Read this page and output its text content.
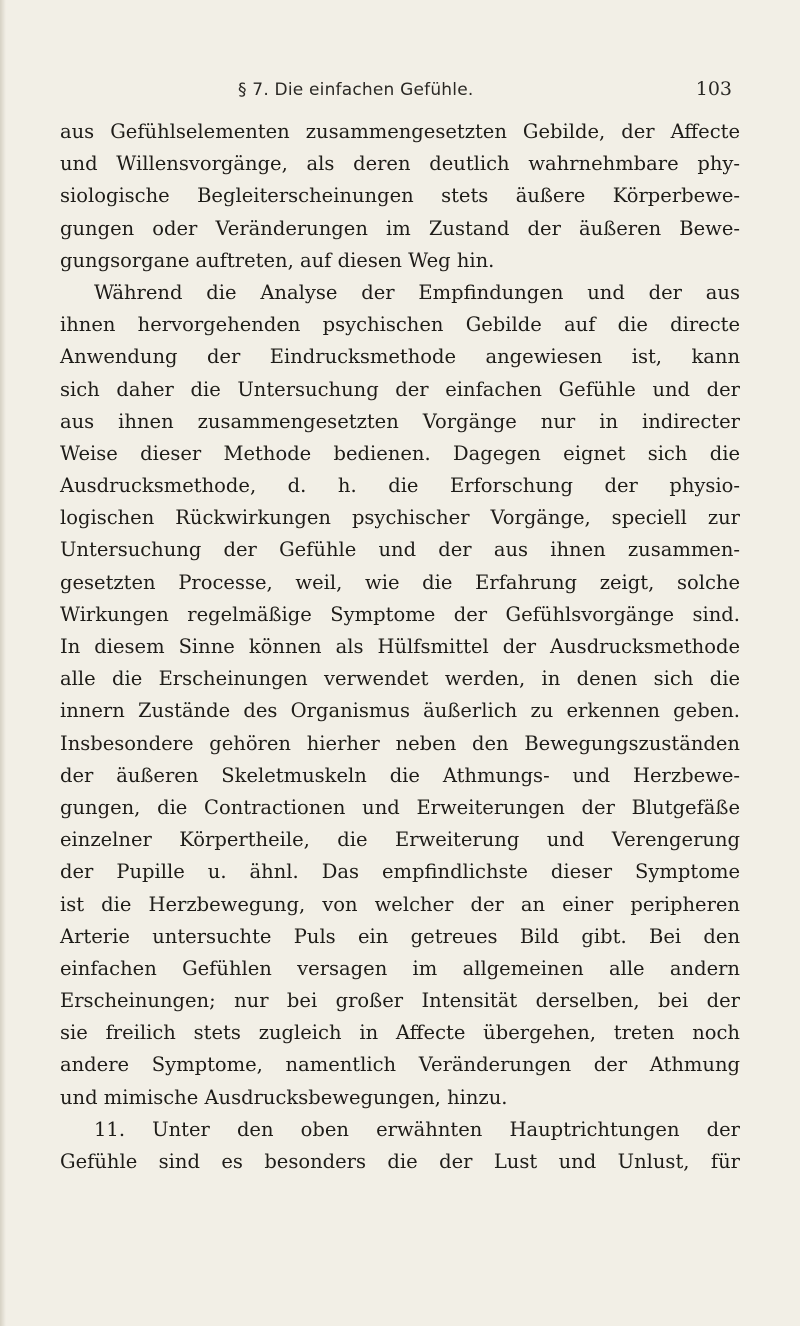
§ 7. Die einfachen Gefühle.	103
aus Gefühlselementen zusammengesetzten Gebilde, der Affecte
und Willensvorgänge, als deren deutlich wahrnehmbare phy-
siologische Begleiterscheinungen stets äußere Körperbewe-
gungen oder Veränderungen im Zustand der äußeren Bewe-
gungsorgane auftreten, auf diesen Weg hin.
Während die Analyse der Empfindungen und der aus
ihnen hervorgehenden psychischen Gebilde auf die directe
Anwendung der Eindrucksmethode angewiesen ist, kann
sich daher die Untersuchung der einfachen Gefühle und der
aus ihnen zusammengesetzten Vorgänge nur in indirecter
Weise dieser Methode bedienen. Dagegen eignet sich die
Ausdrucksmethode, d. h. die Erforschung der physio-
logischen Rückwirkungen psychischer Vorgänge, speciell zur
Untersuchung der Gefühle und der aus ihnen zusammen-
gesetzten Processe, weil, wie die Erfahrung zeigt, solche
Wirkungen regelmäßige Symptome der Gefühlsvorgänge sind.
In diesem Sinne können als Hülfsmittel der Ausdrucksmethode
alle die Erscheinungen verwendet werden, in denen sich die
innern Zustände des Organismus äußerlich zu erkennen geben.
Insbesondere gehören hierher neben den Bewegungszuständen
der äußeren Skeletmuskeln die Athmungs- und Herzbewe-
gungen, die Contractionen und Erweiterungen der Blutgefäße
einzelner Körpertheile, die Erweiterung und Verengerung
der Pupille u. ähnl. Das empfindlichste dieser Symptome
ist die Herzbewegung, von welcher der an einer peripheren
Arterie untersuchte Puls ein getreues Bild gibt. Bei den
einfachen Gefühlen versagen im allgemeinen alle andern
Erscheinungen; nur bei großer Intensität derselben, bei der
sie freilich stets zugleich in Affecte übergehen, treten noch
andere Symptome, namentlich Veränderungen der Athmung
und mimische Ausdrucksbewegungen, hinzu.
11. Unter den oben erwähnten Hauptrichtungen der
Gefühle sind es besonders die der Lust und Unlust, für
